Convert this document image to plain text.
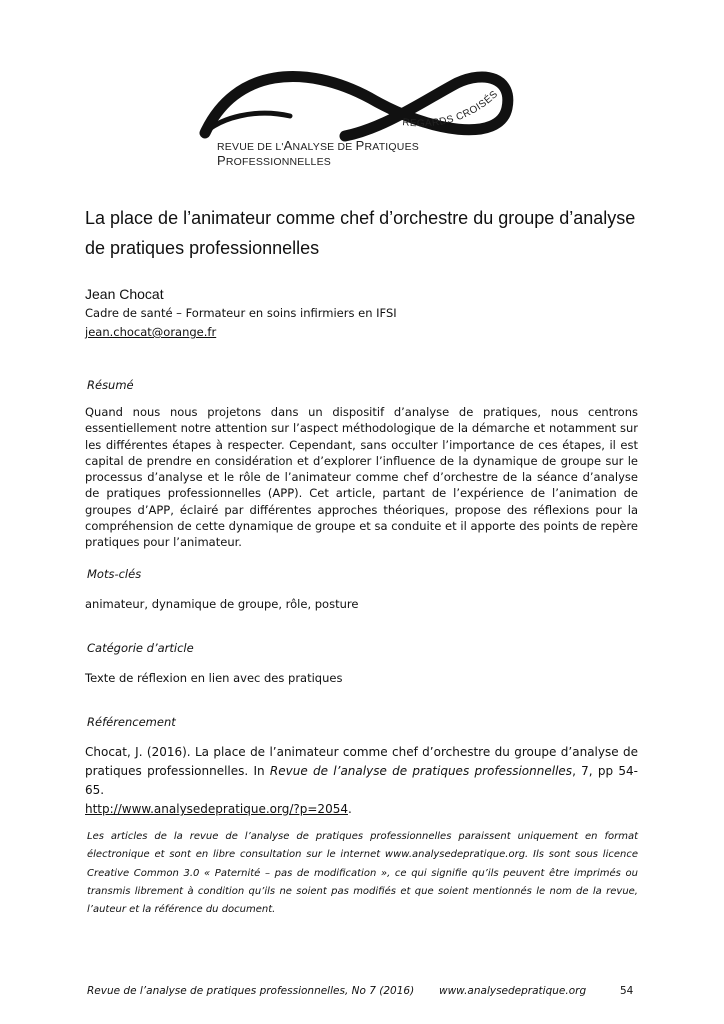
REGARDS CROISÉS
REVUE DE L'ANALYSE DE PRATIQUES PROFESSIONNELLES
La place de l’animateur comme chef d’orchestre du groupe d’analyse de pratiques professionnelles
Jean Chocat
Cadre de santé – Formateur en soins infirmiers en IFSI
jean.chocat@orange.fr
Résumé
Quand nous nous projetons dans un dispositif d’analyse de pratiques, nous centrons essentiellement notre attention sur l’aspect méthodologique de la démarche et notamment sur les différentes étapes à respecter. Cependant, sans occulter l’importance de ces étapes, il est capital de prendre en considération et d’explorer l’influence de la dynamique de groupe sur le processus d’analyse et le rôle de l’animateur comme chef d’orchestre de la séance d’analyse de pratiques professionnelles (APP). Cet article, partant de l’expérience de l’animation de groupes d’APP, éclairé par différentes approches théoriques, propose des réflexions pour la compréhension de cette dynamique de groupe et sa conduite et il apporte des points de repère pratiques pour l’animateur.
Mots-clés
animateur, dynamique de groupe, rôle, posture
Catégorie d’article
Texte de réflexion en lien avec des pratiques
Référencement
Chocat, J. (2016). La place de l’animateur comme chef d’orchestre du groupe d’analyse de pratiques professionnelles. In Revue de l’analyse de pratiques professionnelles, 7, pp 54-65.
http://www.analysedepratique.org/?p=2054.
Les articles de la revue de l’analyse de pratiques professionnelles paraissent uniquement en format électronique et sont en libre consultation sur le internet www.analysedepratique.org. Ils sont sous licence Creative Common 3.0 « Paternité – pas de modification », ce qui signifie qu’ils peuvent être imprimés ou transmis librement à condition qu’ils ne soient pas modifiés et que soient mentionnés le nom de la revue, l’auteur et la référence du document.
Revue de l’analyse de pratiques professionnelles, No 7 (2016) www.analysedepratique.org	54
